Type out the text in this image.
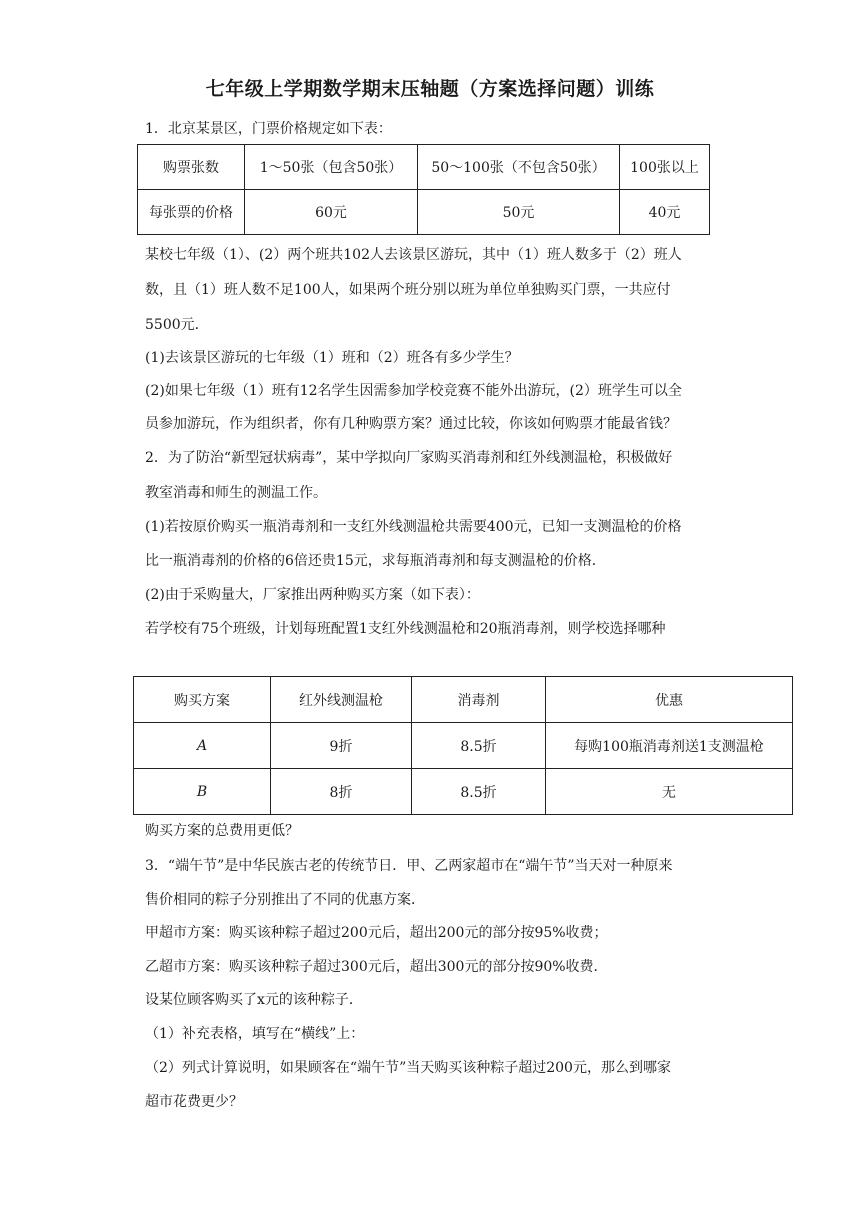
七年级上学期数学期末压轴题（方案选择问题）训练
1．北京某景区，门票价格规定如下表：
购票张数	1～50张（包含50张）	50～100张（不包含50张）	100张以上
每张票的价格	60元	50元	40元
某校七年级（1）、(2）两个班共102人去该景区游玩，其中（1）班人数多于（2）班人
数，且（1）班人数不足100人，如果两个班分别以班为单位单独购买门票，一共应付
5500元．
(1)去该景区游玩的七年级（1）班和（2）班各有多少学生？
(2)如果七年级（1）班有12名学生因需参加学校竞赛不能外出游玩，(2）班学生可以全
员参加游玩，作为组织者，你有几种购票方案？通过比较，你该如何购票才能最省钱？
2．为了防治“新型冠状病毒”，某中学拟向厂家购买消毒剂和红外线测温枪，积极做好
教室消毒和师生的测温工作。
(1)若按原价购买一瓶消毒剂和一支红外线测温枪共需要400元，已知一支测温枪的价格
比一瓶消毒剂的价格的6倍还贵15元，求每瓶消毒剂和每支测温枪的价格．
(2)由于采购量大，厂家推出两种购买方案（如下表）：
若学校有75个班级，计划每班配置1支红外线测温枪和20瓶消毒剂，则学校选择哪种
购买方案	红外线测温枪	消毒剂	优惠
A	9折	8.5折	每购100瓶消毒剂送1支测温枪
B	8折	8.5折	无
购买方案的总费用更低？
3．“端午节”是中华民族古老的传统节日．甲、乙两家超市在“端午节”当天对一种原来
售价相同的粽子分别推出了不同的优惠方案．
甲超市方案：购买该种粽子超过200元后，超出200元的部分按95%收费；
乙超市方案：购买该种粽子超过300元后，超出300元的部分按90%收费．
设某位顾客购买了x元的该种粽子．
（1）补充表格，填写在“横线”上：
（2）列式计算说明，如果顾客在“端午节”当天购买该种粽子超过200元，那么到哪家
超市花费更少？
